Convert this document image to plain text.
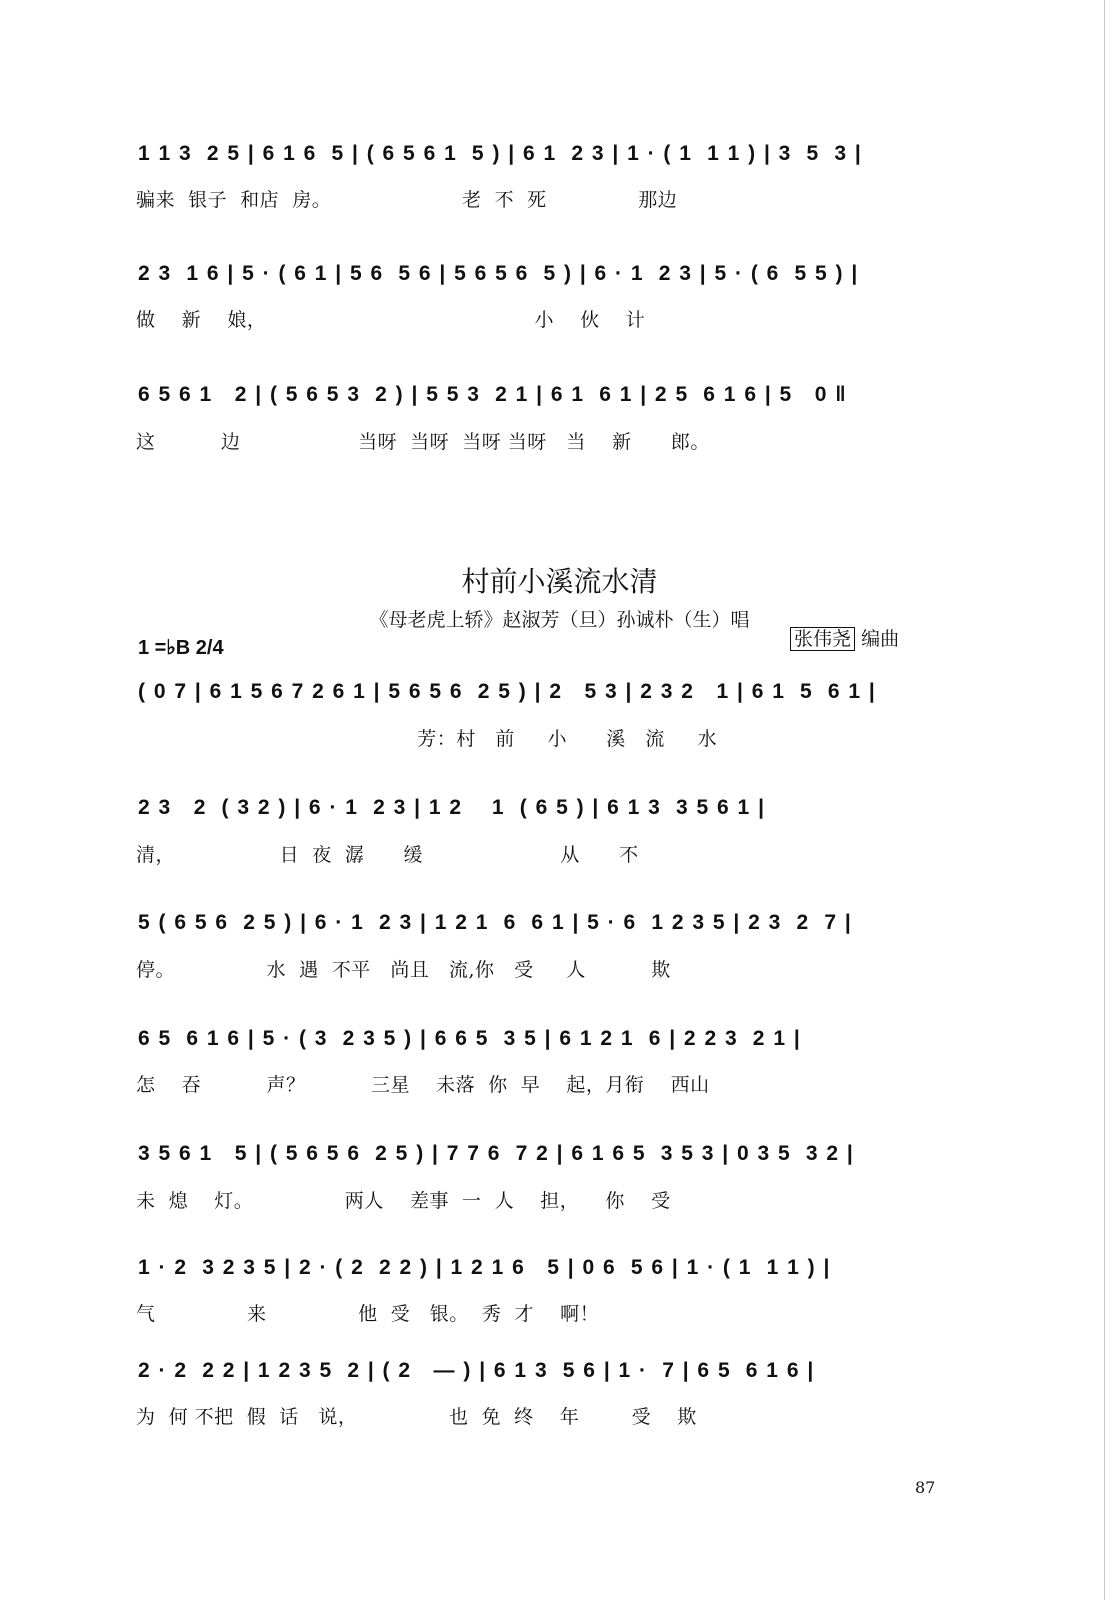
1 1 3  2 5 | 6 1 6  5 | ( 6 5 6 1  5 ) | 6 1  2 3 | 1 · ( 1  1 1 ) | 3  5  3 |
骗来  银子  和店  房。                    老  不  死              那边
2 3  1 6 | 5 · ( 6 1 | 5 6  5 6 | 5 6 5 6  5 ) | 6 · 1  2 3 | 5 · ( 6  5 5 ) |
做    新    娘，                                         小    伙    计
6 5 6 1   2 | ( 5 6 5 3  2 ) | 5 5 3  2 1 | 6 1  6 1 | 2 5  6 1 6 | 5   0 ‖
这          边                  当呀  当呀  当呀 当呀   当    新      郎。
村前小溪流水清
《母老虎上轿》赵淑芳（旦）孙诚朴（生）唱
1 =♭B 2/4	张伟尧 编曲
( 0 7 | 6 1 5 6 7 2 6 1 | 5 6 5 6  2 5 ) | 2   5 3 | 2 3 2   1 | 6 1  5  6 1 |
芳：村   前     小      溪   流     水
2 3   2  ( 3 2 ) | 6 · 1  2 3 | 1 2    1  ( 6 5 ) | 6 1 3  3 5 6 1 |
清，                日  夜  潺      缓                     从      不
5 ( 6 5 6  2 5 ) | 6 · 1  2 3 | 1 2 1  6  6 1 | 5 · 6  1 2 3 5 | 2 3  2  7 |
停。              水  遇  不平   尚且   流,你   受     人          欺
6 5  6 1 6 | 5 · ( 3  2 3 5 ) | 6 6 5  3 5 | 6 1 2 1  6 | 2 2 3  2 1 |
怎    吞          声？          三星    未落  你  早    起，月衔    西山
3 5 6 1   5 | ( 5 6 5 6  2 5 ) | 7 7 6  7 2 | 6 1 6 5  3 5 3 | 0 3 5  3 2 |
未  熄    灯。              两人    差事  一  人    担，    你    受
1 · 2  3 2 3 5 | 2 · ( 2  2 2 ) | 1 2 1 6   5 | 0 6  5 6 | 1 · ( 1  1 1 ) |
气              来              他  受   银。  秀  才    啊！
2 · 2  2 2 | 1 2 3 5  2 | ( 2   — ) | 6 1 3  5 6 | 1 ·  7 | 6 5  6 1 6 |
为  何 不把  假  话   说，              也  免  终    年        受    欺
87
